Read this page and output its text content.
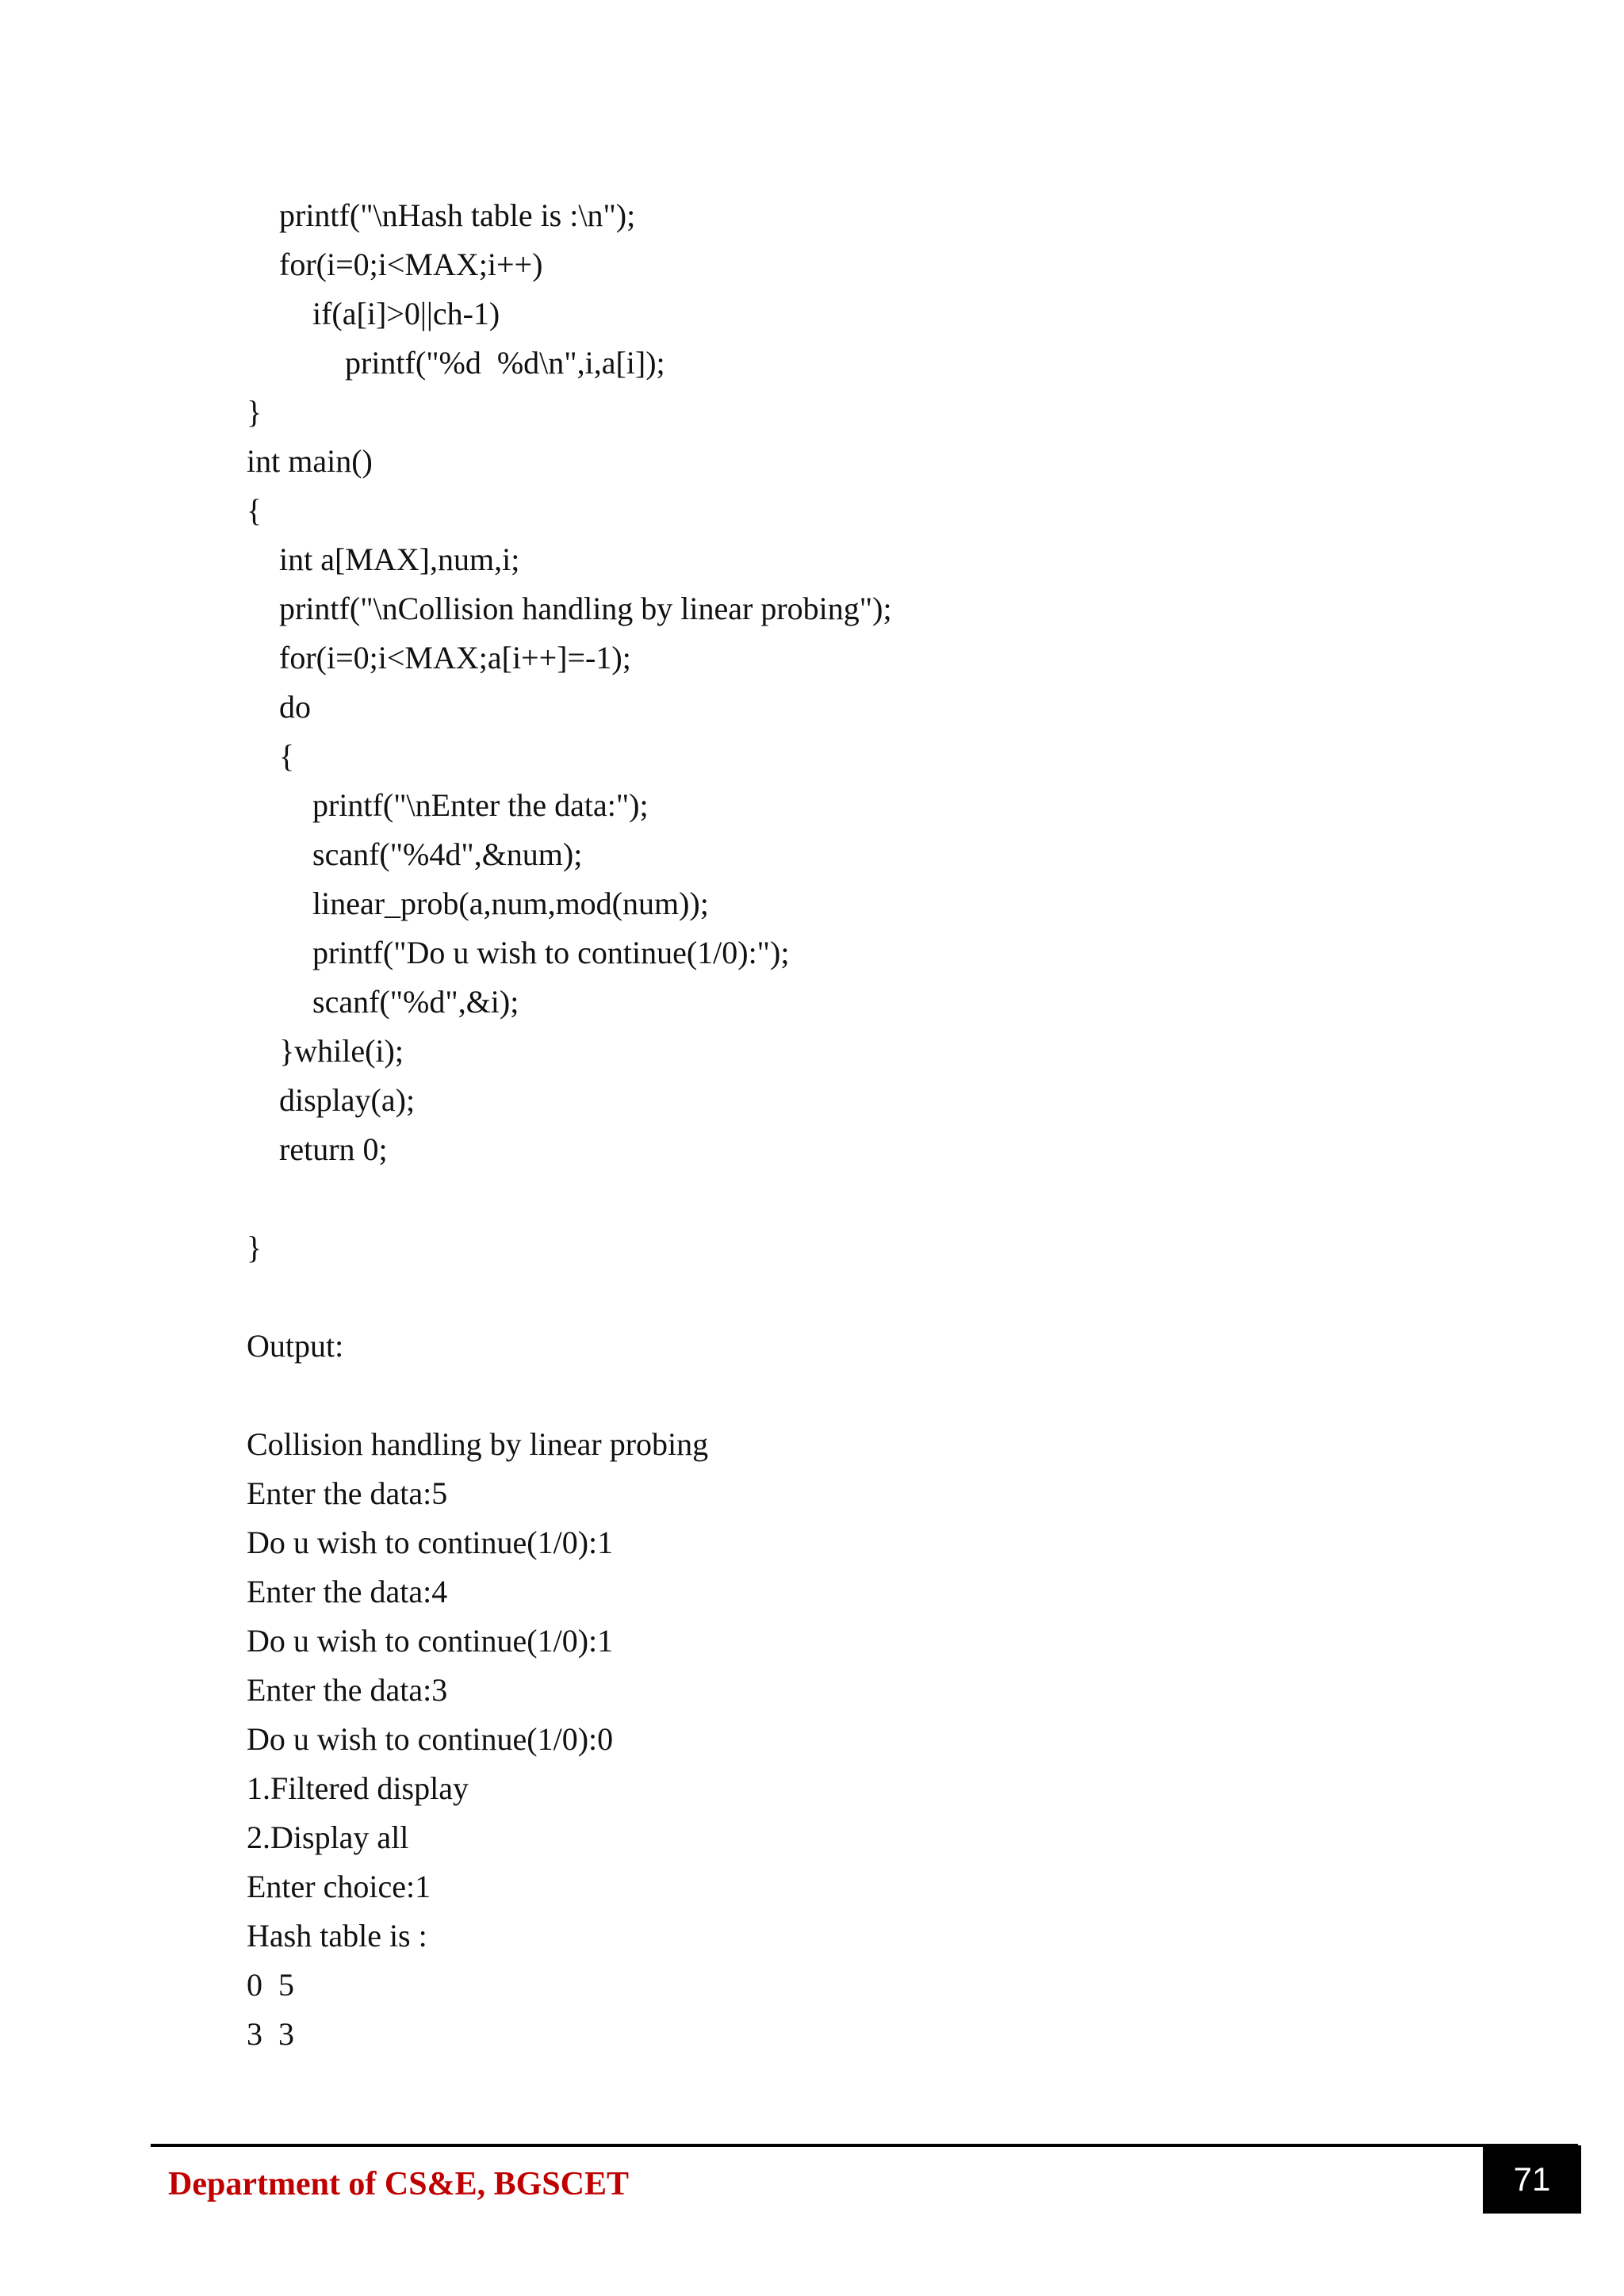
printf("\nHash table is :\n");
for(i=0;i<MAX;i++)
if(a[i]>0||ch-1)
printf("%d  %d\n",i,a[i]);
}
int main()
{
int a[MAX],num,i;
printf("\nCollision handling by linear probing");
for(i=0;i<MAX;a[i++]=-1);
do
{
printf("\nEnter the data:");
scanf("%4d",&num);
linear_prob(a,num,mod(num));
printf("Do u wish to continue(1/0):");
scanf("%d",&i);
}while(i);
display(a);
return 0;
}
Output:
Collision handling by linear probing
Enter the data:5
Do u wish to continue(1/0):1
Enter the data:4
Do u wish to continue(1/0):1
Enter the data:3
Do u wish to continue(1/0):0
1.Filtered display
2.Display all
Enter choice:1
Hash table is :
0  5
3  3
Department of CS&E, BGSCET	71
